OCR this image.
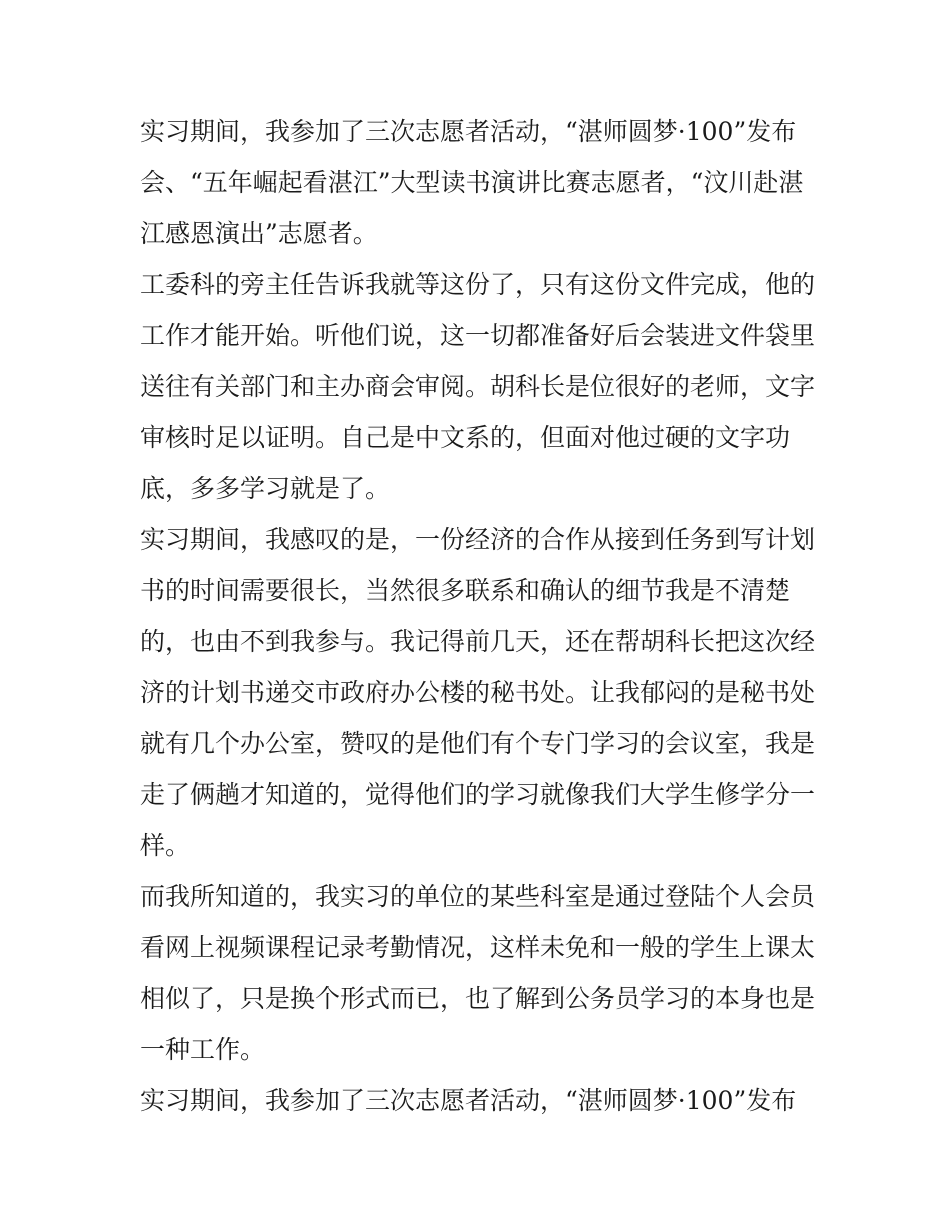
实习期间，我参加了三次志愿者活动，“湛师圆梦·100”发布
会、“五年崛起看湛江”大型读书演讲比赛志愿者，“汶川赴湛
江感恩演出”志愿者。
工委科的旁主任告诉我就等这份了，只有这份文件完成，他的
工作才能开始。听他们说，这一切都准备好后会装进文件袋里
送往有关部门和主办商会审阅。胡科长是位很好的老师，文字
审核时足以证明。自己是中文系的，但面对他过硬的文字功
底，多多学习就是了。
实习期间，我感叹的是，一份经济的合作从接到任务到写计划
书的时间需要很长，当然很多联系和确认的细节我是不清楚
的，也由不到我参与。我记得前几天，还在帮胡科长把这次经
济的计划书递交市政府办公楼的秘书处。让我郁闷的是秘书处
就有几个办公室，赞叹的是他们有个专门学习的会议室，我是
走了俩趟才知道的，觉得他们的学习就像我们大学生修学分一
样。
而我所知道的，我实习的单位的某些科室是通过登陆个人会员
看网上视频课程记录考勤情况，这样未免和一般的学生上课太
相似了，只是换个形式而已，也了解到公务员学习的本身也是
一种工作。
实习期间，我参加了三次志愿者活动，“湛师圆梦·100”发布
